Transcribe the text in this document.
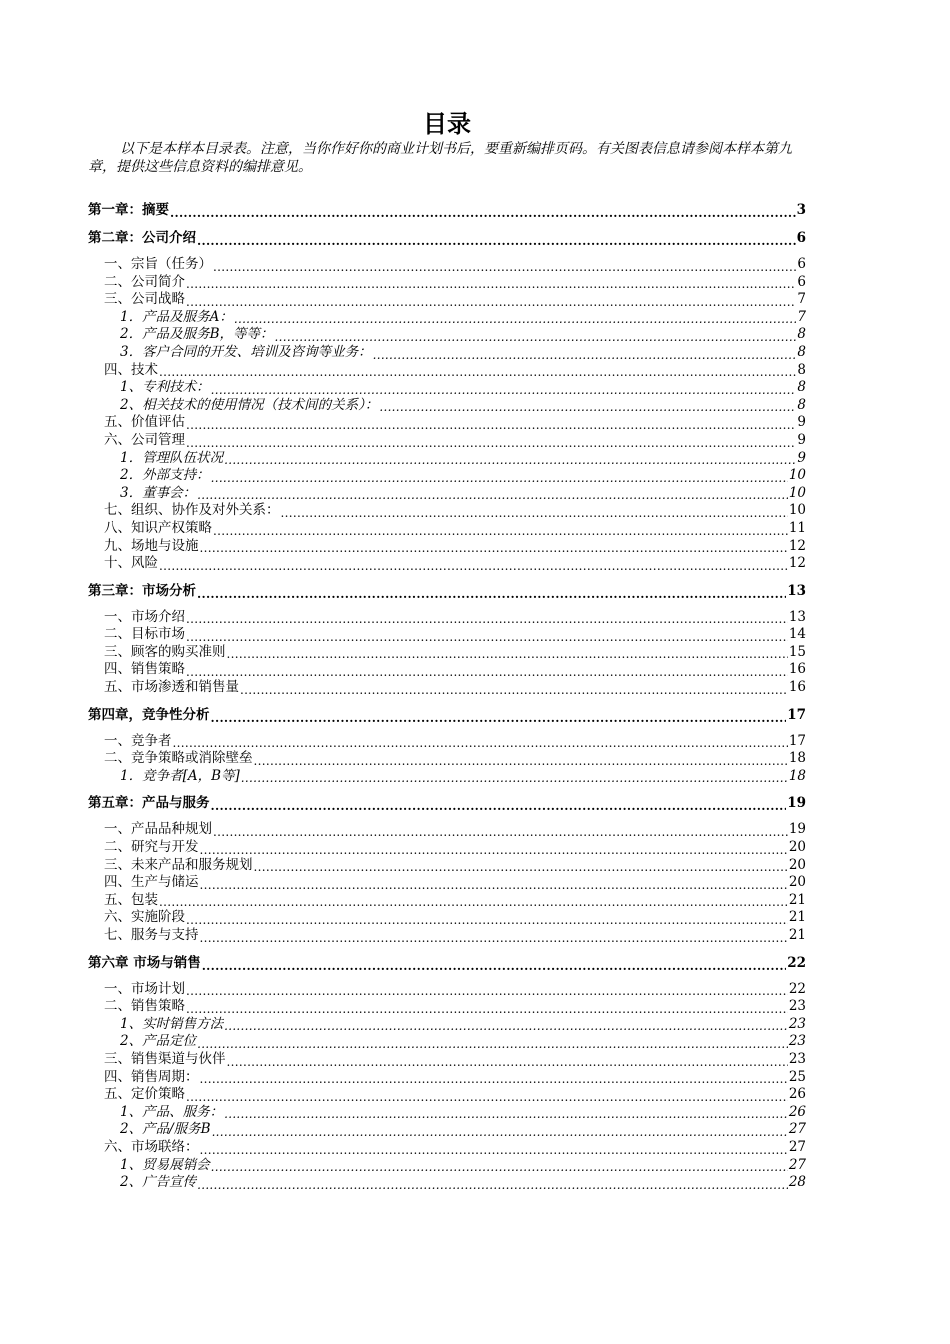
目录

以下是本样本目录表。注意，当你作好你的商业计划书后，要重新编排页码。有关图表信息请参阅本样本第九章，提供这些信息资料的编排意见。

第一章：摘要 .....	3
第二章：公司介绍 .....	6
一、宗旨（任务） .....	6
二、公司简介 .....	6
三、公司战略 .....	7
1．产品及服务A： .....	7
2．产品及服务B，等等： .....	8
3．客户合同的开发、培训及咨询等业务： .....	8
四、技术 .....	8
1、专利技术： .....	8
2、相关技术的使用情况（技术间的关系）： .....	8
五、价值评估 .....	9
六、公司管理 .....	9
1．管理队伍状况 .....	9
2．外部支持： .....	10
3．董事会： .....	10
七、组织、协作及对外关系： .....	10
八、知识产权策略 .....	11
九、场地与设施 .....	12
十、风险 .....	12
第三章：市场分析 .....	13
一、市场介绍 .....	13
二、目标市场 .....	14
三、顾客的购买准则 .....	15
四、销售策略 .....	16
五、市场渗透和销售量 .....	16
第四章，竞争性分析 .....	17
一、竞争者 .....	17
二、竞争策略或消除壁垒 .....	18
1．竞争者[A，B等] .....	18
第五章：产品与服务 .....	19
一、产品品种规划 .....	19
二、研究与开发 .....	20
三、未来产品和服务规划 .....	20
四、生产与储运 .....	20
五、包装 .....	21
六、实施阶段 .....	21
七、服务与支持 .....	21
第六章 市场与销售 .....	22
一、市场计划 .....	22
二、销售策略 .....	23
1、实时销售方法 .....	23
2、产品定位 .....	23
三、销售渠道与伙伴 .....	23
四、销售周期： .....	25
五、定价策略 .....	26
1、产品、服务： .....	26
2、产品/服务B .....	27
六、市场联络： .....	27
1、贸易展销会 .....	27
2、广告宣传 .....	28
